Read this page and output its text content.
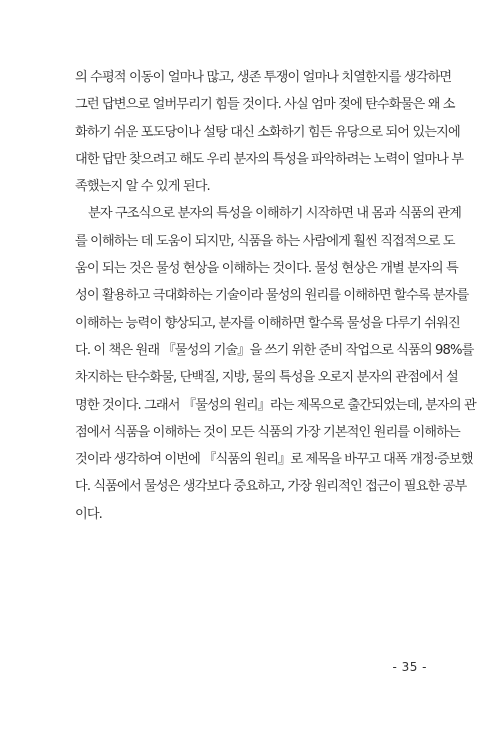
의 수평적 이동이 얼마나 많고, 생존 투쟁이 얼마나 치열한지를 생각하면
그런 답변으로 얼버무리기 힘들 것이다. 사실 엄마 젖에 탄수화물은 왜 소
화하기 쉬운 포도당이나 설탕 대신 소화하기 힘든 유당으로 되어 있는지에
대한 답만 찾으려고 해도 우리 분자의 특성을 파악하려는 노력이 얼마나 부
족했는지 알 수 있게 된다.
분자 구조식으로 분자의 특성을 이해하기 시작하면 내 몸과 식품의 관계
를 이해하는 데 도움이 되지만, 식품을 하는 사람에게 훨씬 직접적으로 도
움이 되는 것은 물성 현상을 이해하는 것이다. 물성 현상은 개별 분자의 특
성이 활용하고 극대화하는 기술이라 물성의 원리를 이해하면 할수록 분자를
이해하는 능력이 향상되고, 분자를 이해하면 할수록 물성을 다루기 쉬워진
다. 이 책은 원래 『물성의 기술』을 쓰기 위한 준비 작업으로 식품의 98%를
차지하는 탄수화물, 단백질, 지방, 물의 특성을 오로지 분자의 관점에서 설
명한 것이다. 그래서 『물성의 원리』라는 제목으로 출간되었는데, 분자의 관
점에서 식품을 이해하는 것이 모든 식품의 가장 기본적인 원리를 이해하는
것이라 생각하여 이번에 『식품의 원리』로 제목을 바꾸고 대폭 개정·증보했
다. 식품에서 물성은 생각보다 중요하고, 가장 원리적인 접근이 필요한 공부
이다.
- 35 -
